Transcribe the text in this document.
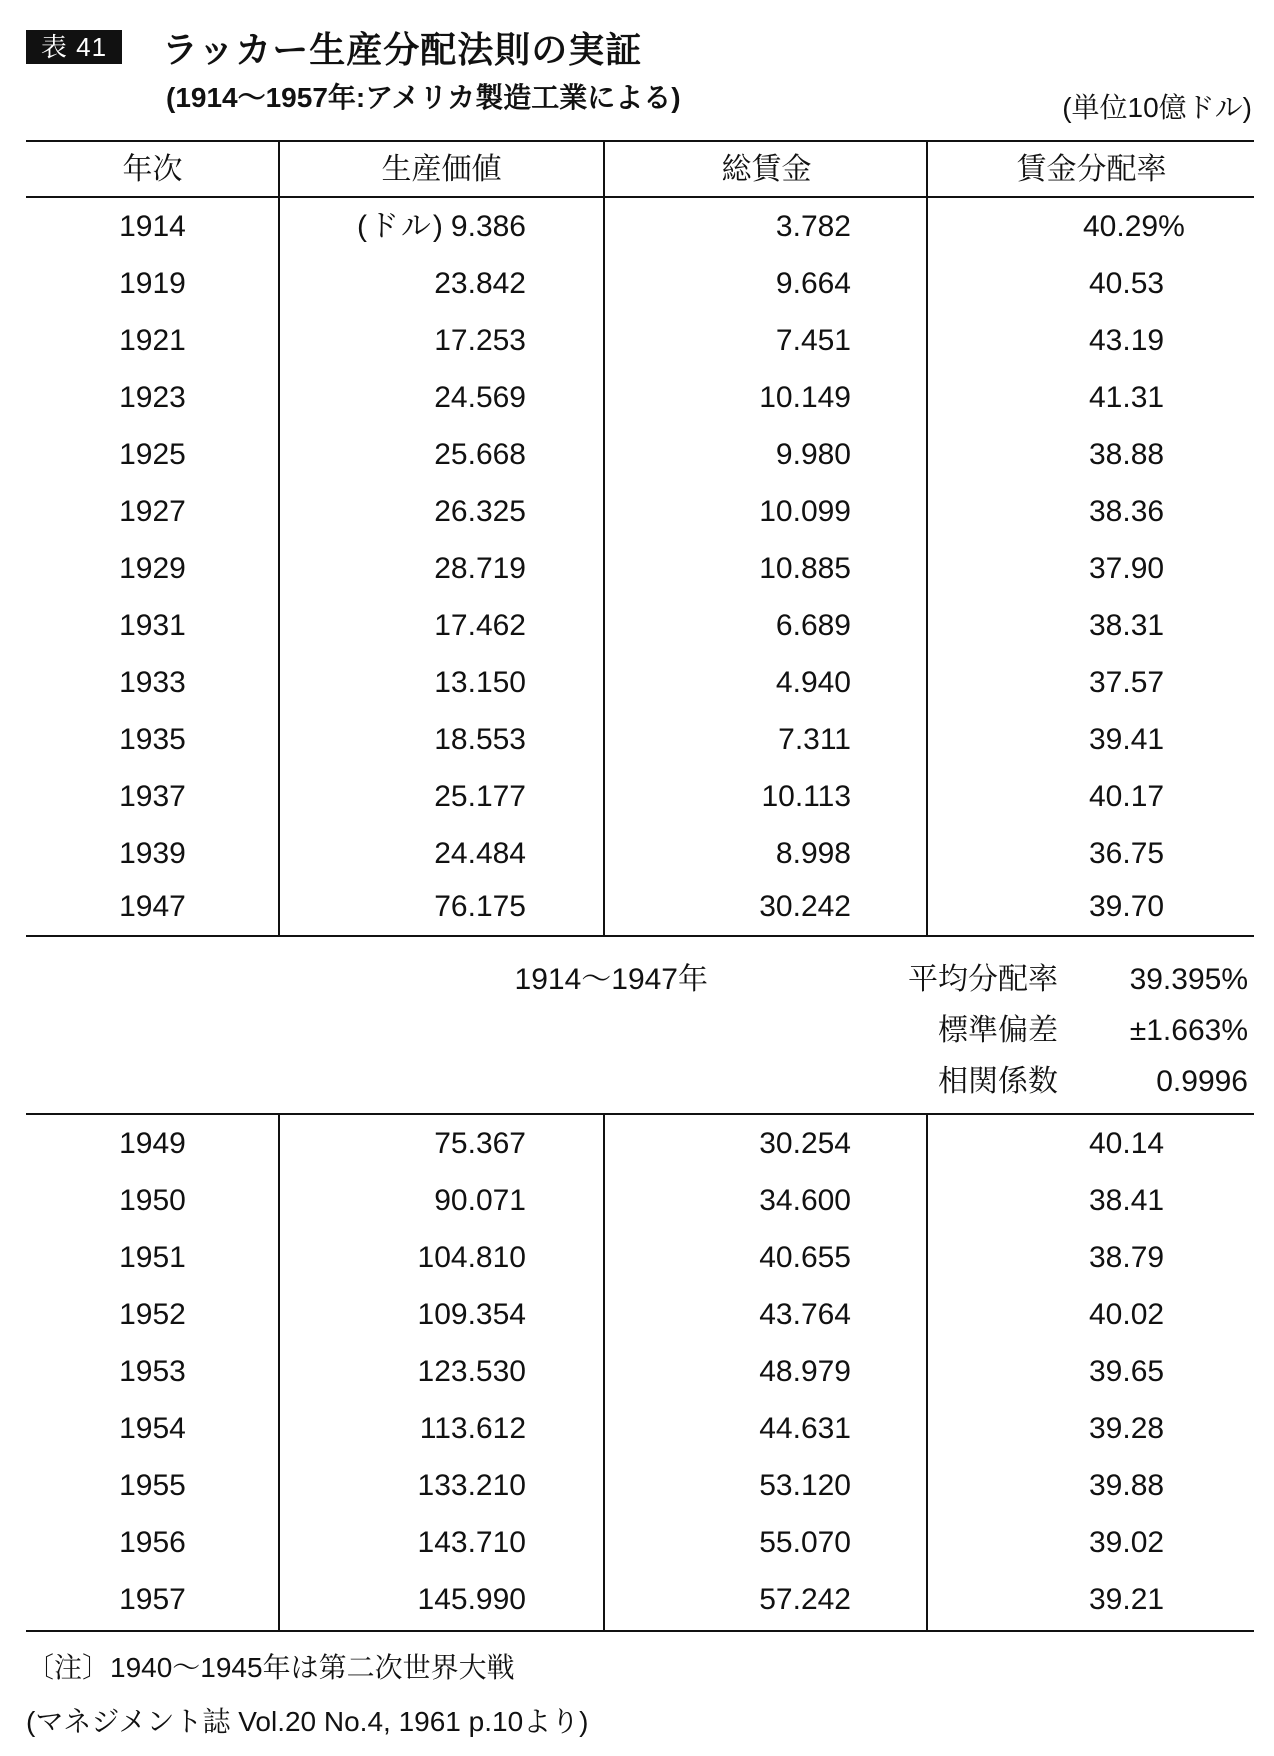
表 41	ラッカー生産分配法則の実証
(1914〜1957年:アメリカ製造工業による)	(単位10億ドル)
年次	生産価値	総賃金	賃金分配率
1914	(ドル) 9.386	3.782	40.29%
1919	23.842	9.664	40.53
1921	17.253	7.451	43.19
1923	24.569	10.149	41.31
1925	25.668	9.980	38.88
1927	26.325	10.099	38.36
1929	28.719	10.885	37.90
1931	17.462	6.689	38.31
1933	13.150	4.940	37.57
1935	18.553	7.311	39.41
1937	25.177	10.113	40.17
1939	24.484	8.998	36.75
1947	76.175	30.242	39.70
1914〜1947年	平均分配率 39.395%
標準偏差 ±1.663%
相関係数	0.9996
1949	75.367	30.254	40.14
1950	90.071	34.600	38.41
1951	104.810	40.655	38.79
1952	109.354	43.764	40.02
1953	123.530	48.979	39.65
1954	113.612	44.631	39.28
1955	133.210	53.120	39.88
1956	143.710	55.070	39.02
1957	145.990	57.242	39.21
〔注〕1940〜1945年は第二次世界大戦
(マネジメント誌 Vol.20 No.4, 1961 p.10より)
